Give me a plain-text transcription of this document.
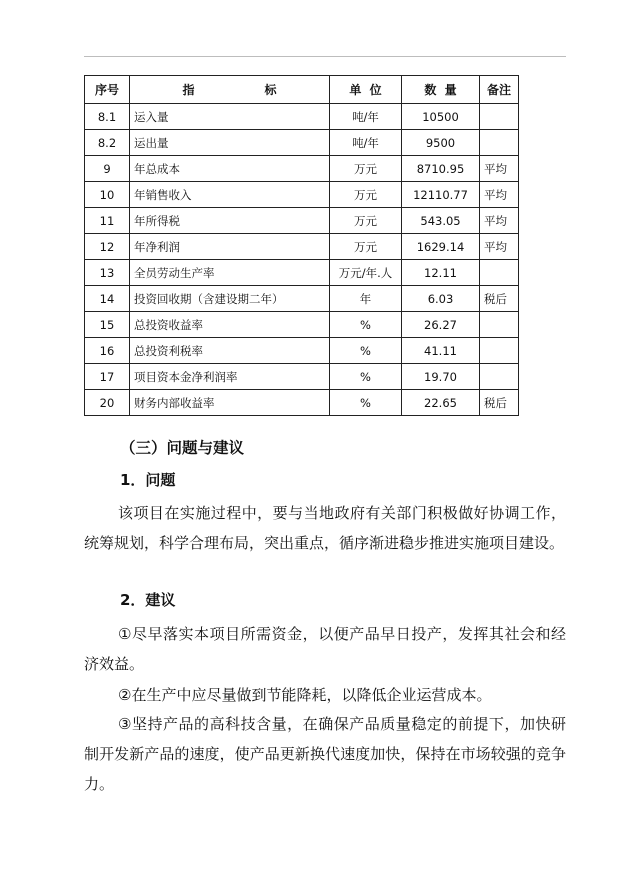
序号	指 标	单  位	数  量	备注
8.1	运入量	吨/年	10500	
8.2	运出量	吨/年	9500	
9	年总成本	万元	8710.95	平均
10	年销售收入	万元	12110.77	平均
11	年所得税	万元	543.05	平均
12	年净利润	万元	1629.14	平均
13	全员劳动生产率	万元/年.人	12.11	
14	投资回收期（含建设期二年）	年	6.03	税后
15	总投资收益率	%	26.27	
16	总投资利税率	%	41.11	
17	项目资本金净利润率	%	19.70	
20	财务内部收益率	%	22.65	税后
（三）问题与建议
1．问题
该项目在实施过程中，要与当地政府有关部门积极做好协调工作，统筹规划，科学合理布局，突出重点，循序渐进稳步推进实施项目建设。
2．建议
①尽早落实本项目所需资金，以便产品早日投产，发挥其社会和经济效益。
②在生产中应尽量做到节能降耗，以降低企业运营成本。
③坚持产品的高科技含量，在确保产品质量稳定的前提下，加快研制开发新产品的速度，使产品更新换代速度加快，保持在市场较强的竞争力。
